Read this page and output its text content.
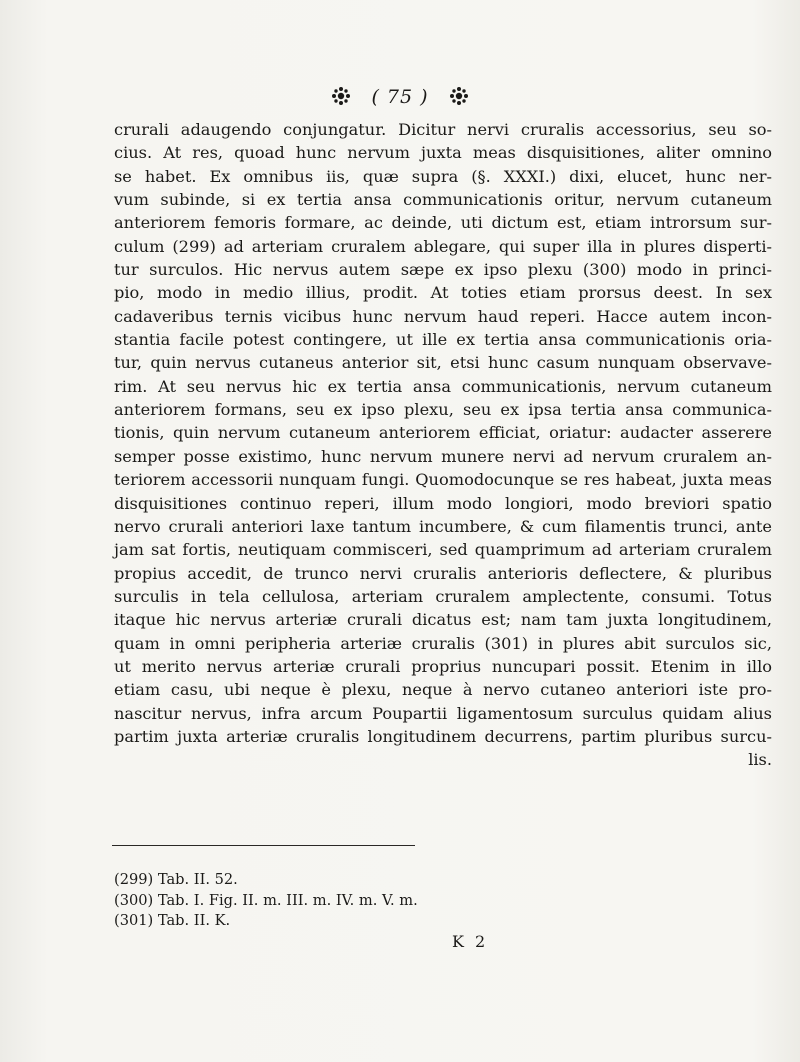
( 75 )
crurali adaugendo conjungatur. Dicitur nervi cruralis accessorius, seu so-
cius. At res, quoad hunc nervum juxta meas disquisitiones, aliter omnino
se habet. Ex omnibus iis, quæ supra (§. XXXI.) dixi, elucet, hunc ner-
vum subinde, si ex tertia ansa communicationis oritur, nervum cutaneum
anteriorem femoris formare, ac deinde, uti dictum est, etiam introrsum sur-
culum (299) ad arteriam cruralem ablegare, qui super illa in plures disperti-
tur surculos. Hic nervus autem sæpe ex ipso plexu (300) modo in princi-
pio, modo in medio illius, prodit. At toties etiam prorsus deest. In sex
cadaveribus ternis vicibus hunc nervum haud reperi. Hacce autem incon-
stantia facile potest contingere, ut ille ex tertia ansa communicationis oria-
tur, quin nervus cutaneus anterior sit, etsi hunc casum nunquam observave-
rim. At seu nervus hic ex tertia ansa communicationis, nervum cutaneum
anteriorem formans, seu ex ipso plexu, seu ex ipsa tertia ansa communica-
tionis, quin nervum cutaneum anteriorem efficiat, oriatur: audacter asserere
semper posse existimo, hunc nervum munere nervi ad nervum cruralem an-
teriorem accessorii nunquam fungi. Quomodocunque se res habeat, juxta meas
disquisitiones continuo reperi, illum modo longiori, modo breviori spatio
nervo crurali anteriori laxe tantum incumbere, & cum filamentis trunci, ante
jam sat fortis, neutiquam commisceri, sed quamprimum ad arteriam cruralem
propius accedit, de trunco nervi cruralis anterioris deflectere, & pluribus
surculis in tela cellulosa, arteriam cruralem amplectente, consumi. Totus
itaque hic nervus arteriæ crurali dicatus est; nam tam juxta longitudinem,
quam in omni peripheria arteriæ cruralis (301) in plures abit surculos sic,
ut merito nervus arteriæ crurali proprius nuncupari possit. Etenim in illo
etiam casu, ubi neque è plexu, neque à nervo cutaneo anteriori iste pro-
nascitur nervus, infra arcum Poupartii ligamentosum surculus quidam alius
partim juxta arteriæ cruralis longitudinem decurrens, partim pluribus surcu-
lis.
(299) Tab. II. 52.
(300) Tab. I. Fig. II. m. III. m. IV. m. V. m.
(301) Tab. II. K.
K 2
